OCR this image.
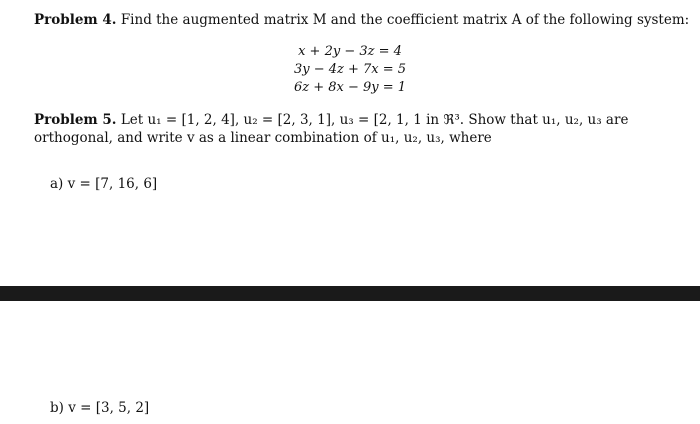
Problem 4. Find the augmented matrix M and the coefficient matrix A of the following system:
x + 2y − 3z = 4
3y − 4z + 7x = 5
6z + 8x − 9y = 1
Problem 5. Let u₁ = [1, 2, 4], u₂ = [2, 3, 1], u₃ = [2, 1, 1 in ℜ³. Show that u₁, u₂, u₃ are
orthogonal, and write v as a linear combination of u₁, u₂, u₃, where
a) v = [7, 16, 6]
b) v = [3, 5, 2]
